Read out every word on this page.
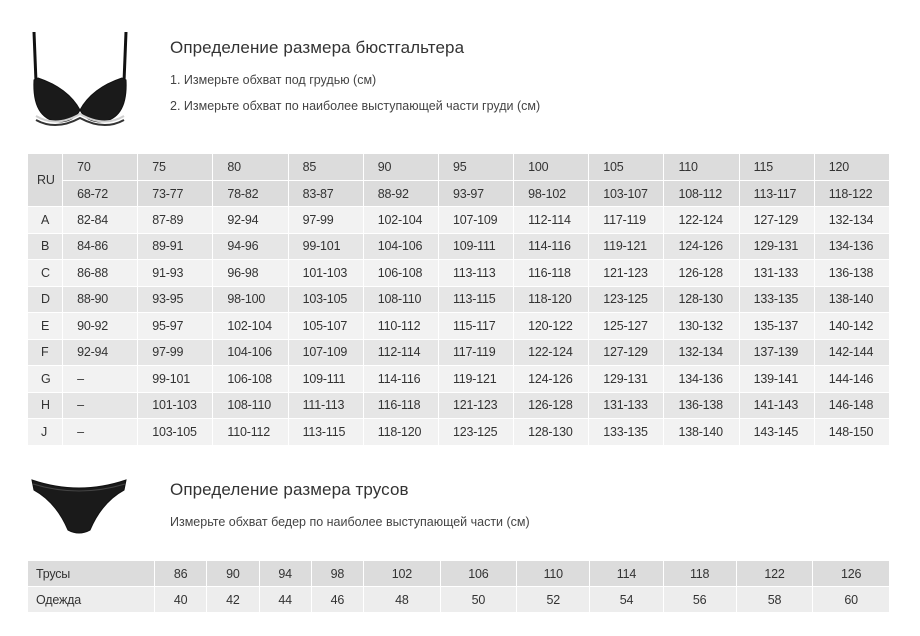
Определение размера бюстгальтера
1. Измерьте обхват под грудью (см)
2. Измерьте обхват по наиболее выступающей части груди (см)
RU	70	75	80	85	90	95	100	105	110	115	120
	68-72	73-77	78-82	83-87	88-92	93-97	98-102	103-107	108-112	113-117	118-122
A	82-84	87-89	92-94	97-99	102-104	107-109	112-114	117-119	122-124	127-129	132-134
B	84-86	89-91	94-96	99-101	104-106	109-111	114-116	119-121	124-126	129-131	134-136
C	86-88	91-93	96-98	101-103	106-108	113-113	116-118	121-123	126-128	131-133	136-138
D	88-90	93-95	98-100	103-105	108-110	113-115	118-120	123-125	128-130	133-135	138-140
E	90-92	95-97	102-104	105-107	110-112	115-117	120-122	125-127	130-132	135-137	140-142
F	92-94	97-99	104-106	107-109	112-114	117-119	122-124	127-129	132-134	137-139	142-144
G	–	99-101	106-108	109-111	114-116	119-121	124-126	129-131	134-136	139-141	144-146
H	–	101-103	108-110	111-113	116-118	121-123	126-128	131-133	136-138	141-143	146-148
J	–	103-105	110-112	113-115	118-120	123-125	128-130	133-135	138-140	143-145	148-150
Определение размера трусов
Измерьте обхват бедер по наиболее выступающей части (см)
Трусы	86	90	94	98	102	106	110	114	118	122	126
Одежда	40	42	44	46	48	50	52	54	56	58	60
